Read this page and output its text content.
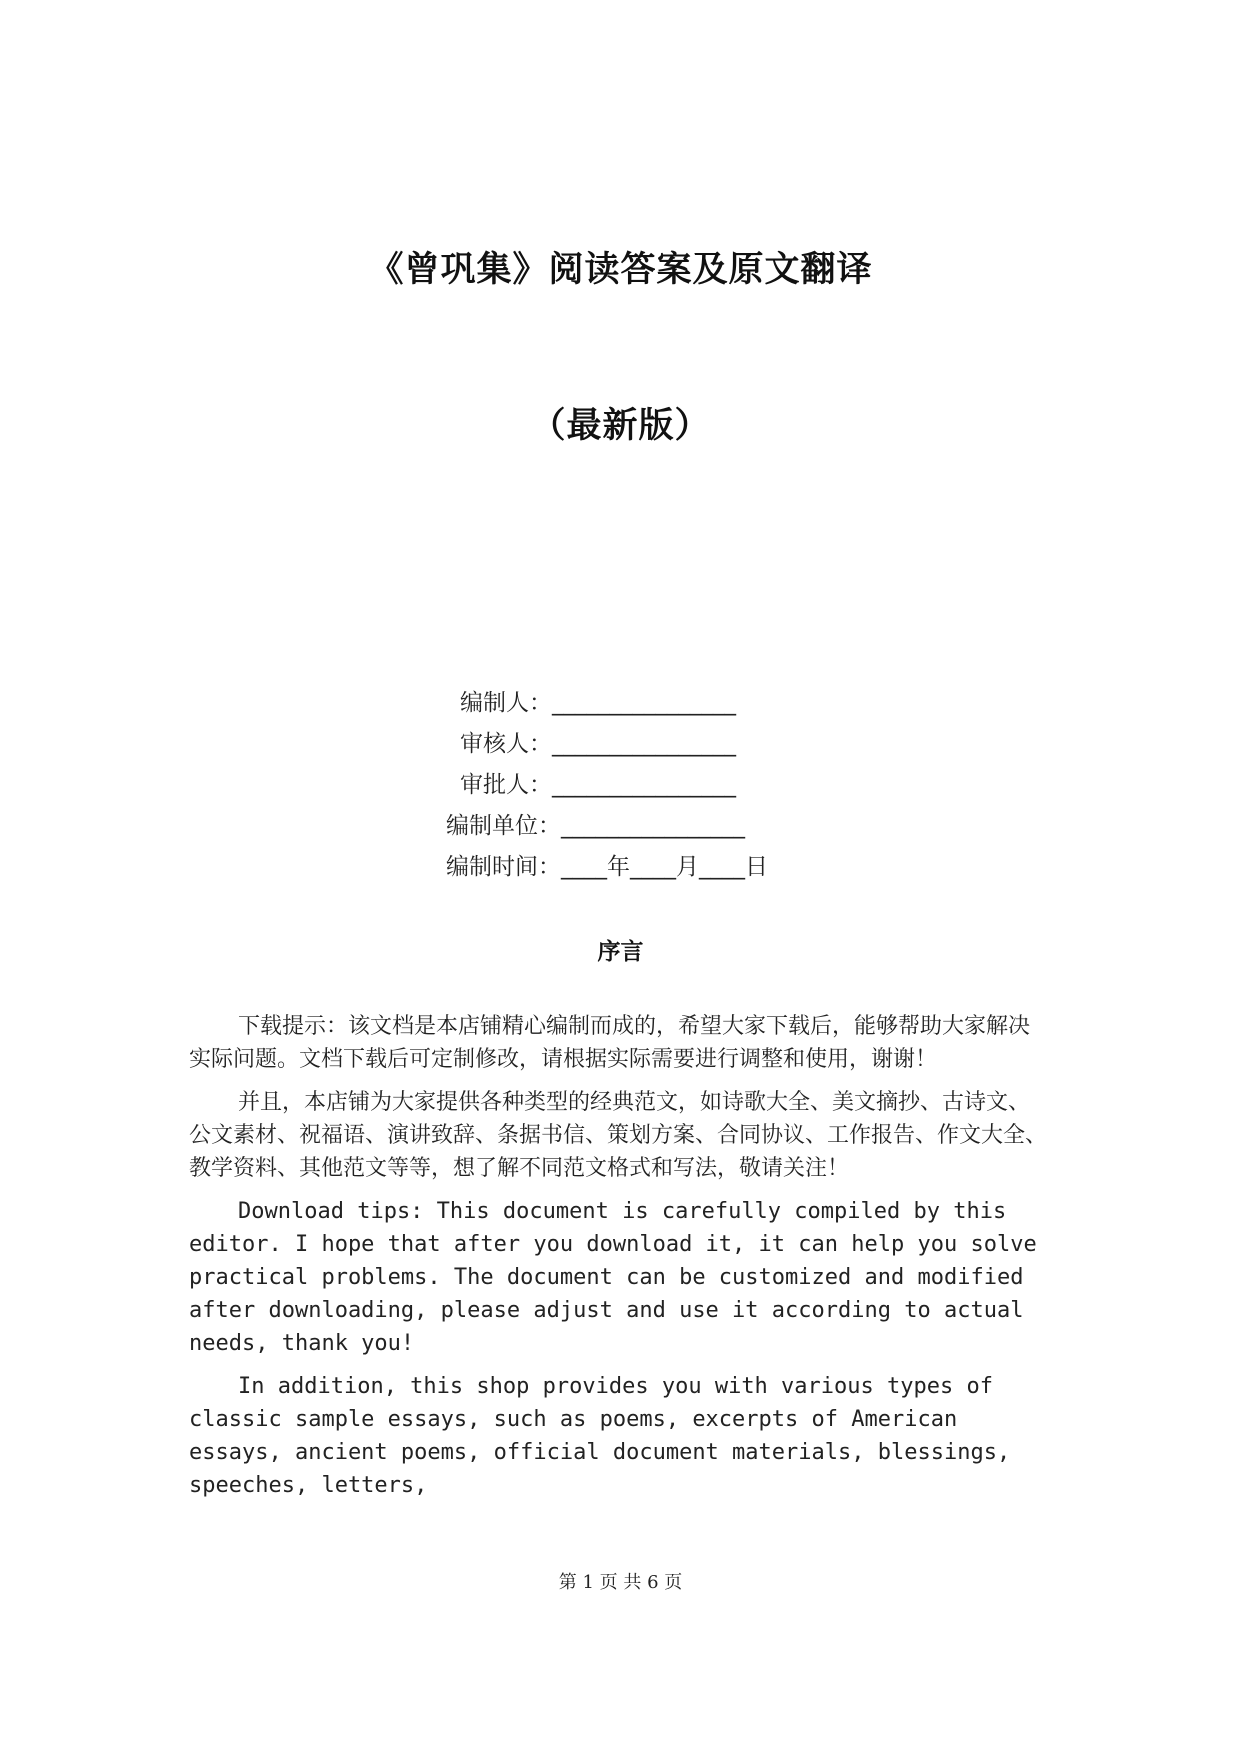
《曾巩集》阅读答案及原文翻译
（最新版）
编制人：________________
审核人：________________
审批人：________________
编制单位：________________
编制时间：____年____月____日
序言

下载提示：该文档是本店铺精心编制而成的，希望大家下载后，能够帮助大家解决实际问题。文档下载后可定制修改，请根据实际需要进行调整和使用，谢谢！

并且，本店铺为大家提供各种类型的经典范文，如诗歌大全、美文摘抄、古诗文、公文素材、祝福语、演讲致辞、条据书信、策划方案、合同协议、工作报告、作文大全、教学资料、其他范文等等，想了解不同范文格式和写法，敬请关注！

Download tips: This document is carefully compiled by this editor. I hope that after you download it, it can help you solve practical problems. The document can be customized and modified after downloading, please adjust and use it according to actual needs, thank you!

In addition, this shop provides you with various types of classic sample essays, such as poems, excerpts of American essays, ancient poems, official document materials, blessings, speeches, letters,

第 1 页 共 6 页
